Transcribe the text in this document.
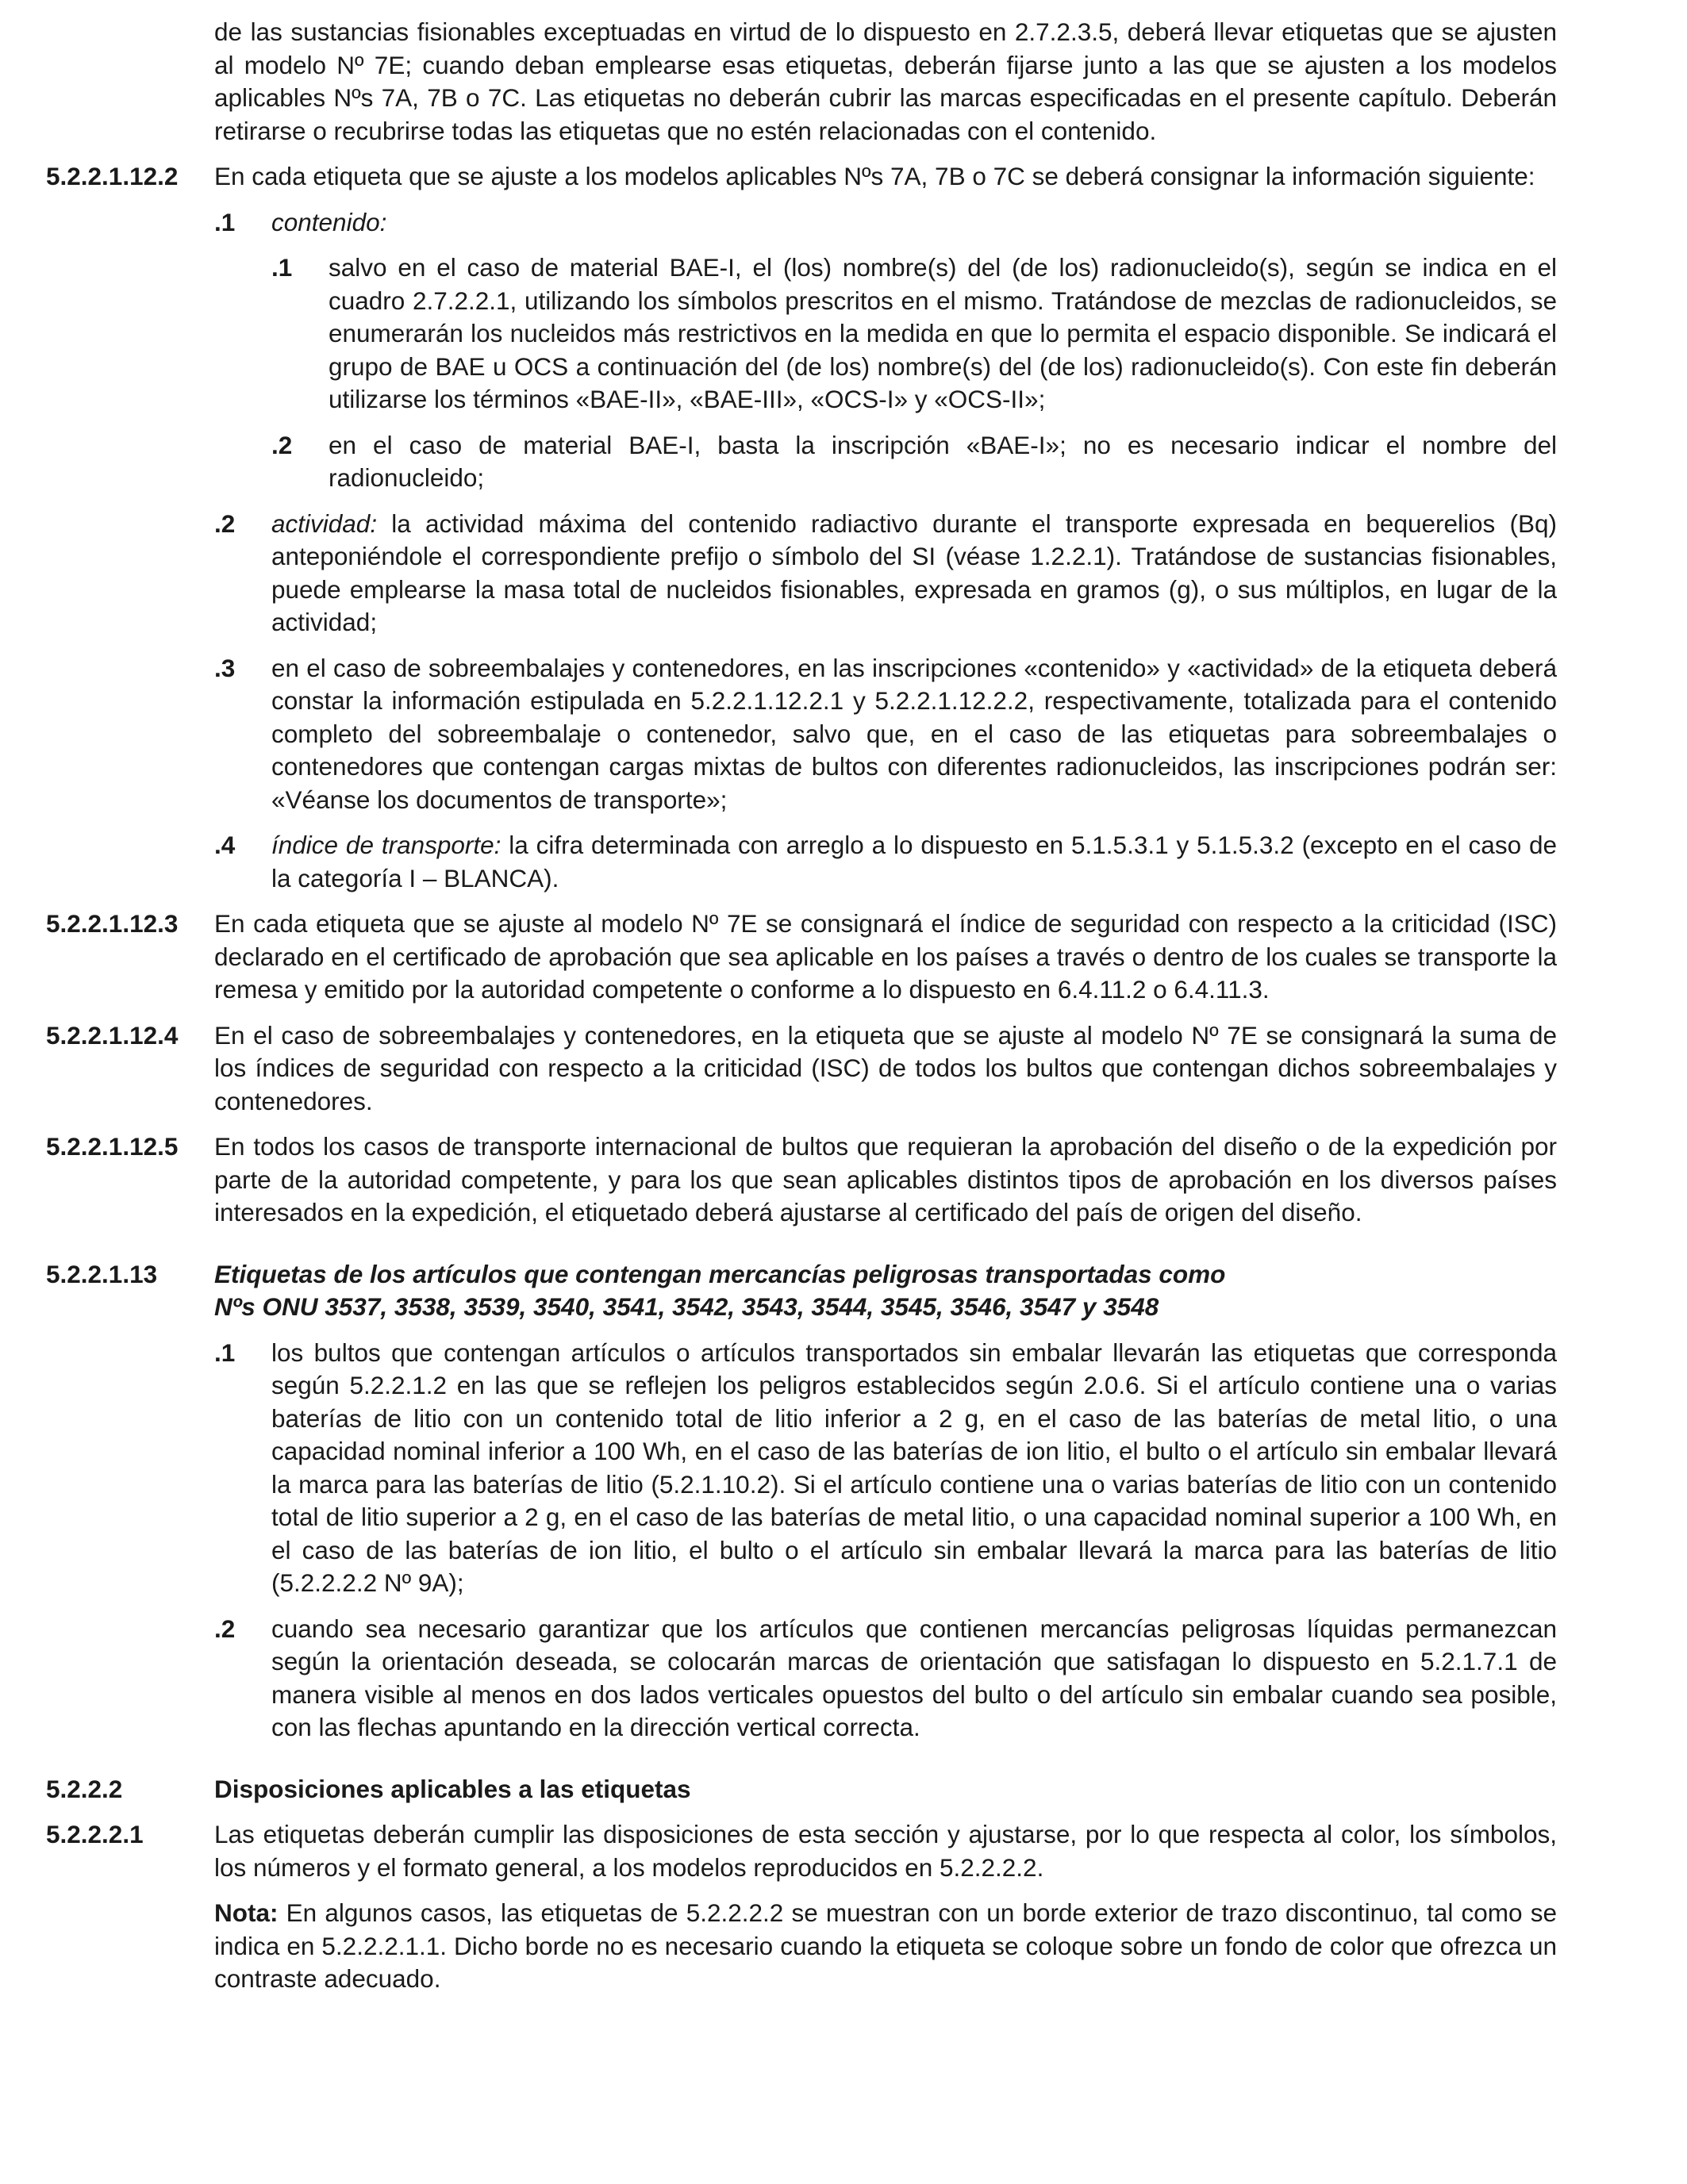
de las sustancias fisionables exceptuadas en virtud de lo dispuesto en 2.7.2.3.5, deberá llevar etiquetas que se ajusten al modelo Nº 7E; cuando deban emplearse esas etiquetas, deberán fijarse junto a las que se ajusten a los modelos aplicables Nºs 7A, 7B o 7C. Las etiquetas no deberán cubrir las marcas especificadas en el presente capítulo. Deberán retirarse o recubrirse todas las etiquetas que no estén relacionadas con el contenido.

5.2.2.1.12.2 En cada etiqueta que se ajuste a los modelos aplicables Nºs 7A, 7B o 7C se deberá consignar la información siguiente:

.1 contenido:

.1 salvo en el caso de material BAE-I, el (los) nombre(s) del (de los) radionucleido(s), según se indica en el cuadro 2.7.2.2.1, utilizando los símbolos prescritos en el mismo. Tratándose de mezclas de radionucleidos, se enumerarán los nucleidos más restrictivos en la medida en que lo permita el espacio disponible. Se indicará el grupo de BAE u OCS a continuación del (de los) nombre(s) del (de los) radionucleido(s). Con este fin deberán utilizarse los términos «BAE-II», «BAE-III», «OCS-I» y «OCS-II»;

.2 en el caso de material BAE-I, basta la inscripción «BAE-I»; no es necesario indicar el nombre del radionucleido;

.2 actividad: la actividad máxima del contenido radiactivo durante el transporte expresada en bequerelios (Bq) anteponiéndole el correspondiente prefijo o símbolo del SI (véase 1.2.2.1). Tratándose de sustancias fisionables, puede emplearse la masa total de nucleidos fisionables, expresada en gramos (g), o sus múltiplos, en lugar de la actividad;

.3 en el caso de sobreembalajes y contenedores, en las inscripciones «contenido» y «actividad» de la etiqueta deberá constar la información estipulada en 5.2.2.1.12.2.1 y 5.2.2.1.12.2.2, respectivamente, totalizada para el contenido completo del sobreembalaje o contenedor, salvo que, en el caso de las etiquetas para sobreembalajes o contenedores que contengan cargas mixtas de bultos con diferentes radionucleidos, las inscripciones podrán ser: «Véanse los documentos de transporte»;

.4 índice de transporte: la cifra determinada con arreglo a lo dispuesto en 5.1.5.3.1 y 5.1.5.3.2 (excepto en el caso de la categoría I – BLANCA).

5.2.2.1.12.3 En cada etiqueta que se ajuste al modelo Nº 7E se consignará el índice de seguridad con respecto a la criticidad (ISC) declarado en el certificado de aprobación que sea aplicable en los países a través o dentro de los cuales se transporte la remesa y emitido por la autoridad competente o conforme a lo dispuesto en 6.4.11.2 o 6.4.11.3.

5.2.2.1.12.4 En el caso de sobreembalajes y contenedores, en la etiqueta que se ajuste al modelo Nº 7E se consignará la suma de los índices de seguridad con respecto a la criticidad (ISC) de todos los bultos que contengan dichos sobreembalajes y contenedores.

5.2.2.1.12.5 En todos los casos de transporte internacional de bultos que requieran la aprobación del diseño o de la expedición por parte de la autoridad competente, y para los que sean aplicables distintos tipos de aprobación en los diversos países interesados en la expedición, el etiquetado deberá ajustarse al certificado del país de origen del diseño.

5.2.2.1.13 Etiquetas de los artículos que contengan mercancías peligrosas transportadas como
Nºs ONU 3537, 3538, 3539, 3540, 3541, 3542, 3543, 3544, 3545, 3546, 3547 y 3548

.1 los bultos que contengan artículos o artículos transportados sin embalar llevarán las etiquetas que corresponda según 5.2.2.1.2 en las que se reflejen los peligros establecidos según 2.0.6. Si el artículo contiene una o varias baterías de litio con un contenido total de litio inferior a 2 g, en el caso de las baterías de metal litio, o una capacidad nominal inferior a 100 Wh, en el caso de las baterías de ion litio, el bulto o el artículo sin embalar llevará la marca para las baterías de litio (5.2.1.10.2). Si el artículo contiene una o varias baterías de litio con un contenido total de litio superior a 2 g, en el caso de las baterías de metal litio, o una capacidad nominal superior a 100 Wh, en el caso de las baterías de ion litio, el bulto o el artículo sin embalar llevará la marca para las baterías de litio (5.2.2.2.2 Nº 9A);

.2 cuando sea necesario garantizar que los artículos que contienen mercancías peligrosas líquidas permanezcan según la orientación deseada, se colocarán marcas de orientación que satisfagan lo dispuesto en 5.2.1.7.1 de manera visible al menos en dos lados verticales opuestos del bulto o del artículo sin embalar cuando sea posible, con las flechas apuntando en la dirección vertical correcta.

5.2.2.2	Disposiciones aplicables a las etiquetas

5.2.2.2.1	Las etiquetas deberán cumplir las disposiciones de esta sección y ajustarse, por lo que respecta al color, los símbolos, los números y el formato general, a los modelos reproducidos en 5.2.2.2.2.

Nota: En algunos casos, las etiquetas de 5.2.2.2.2 se muestran con un borde exterior de trazo discontinuo, tal como se indica en 5.2.2.2.1.1. Dicho borde no es necesario cuando la etiqueta se coloque sobre un fondo de color que ofrezca un contraste adecuado.
